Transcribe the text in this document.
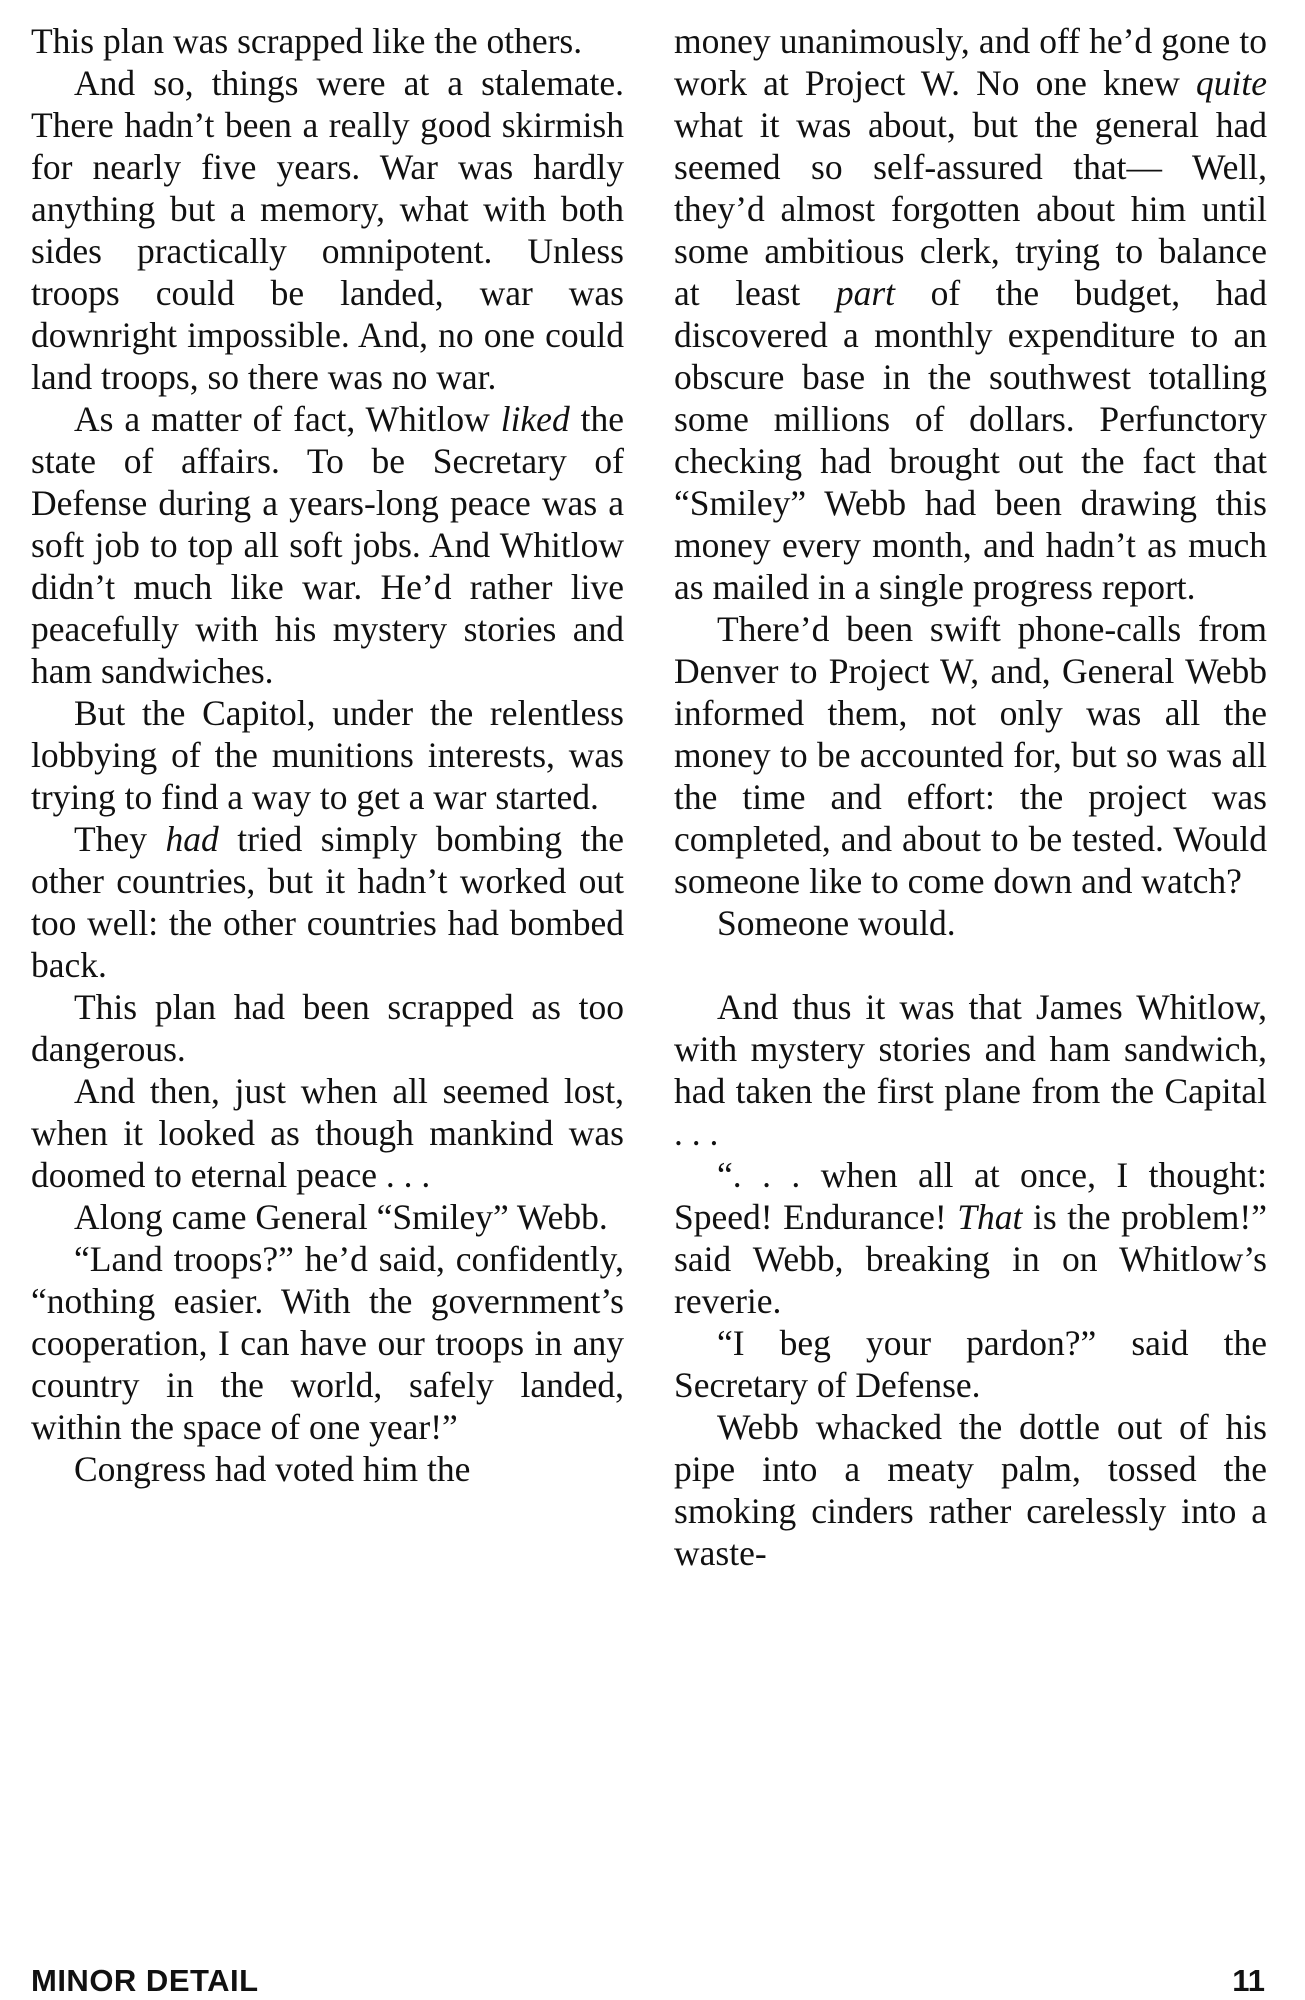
This plan was scrapped like the others.

And so, things were at a stalemate. There hadn’t been a really good skirmish for nearly five years. War was hardly anything but a memory, what with both sides practically omnipotent. Unless troops could be landed, war was downright impossible. And, no one could land troops, so there was no war.

As a matter of fact, Whitlow liked the state of affairs. To be Secretary of Defense during a years-long peace was a soft job to top all soft jobs. And Whitlow didn’t much like war. He’d rather live peacefully with his mystery stories and ham sandwiches.

But the Capitol, under the relentless lobbying of the munitions interests, was trying to find a way to get a war started.

They had tried simply bombing the other countries, but it hadn’t worked out too well: the other countries had bombed back.

This plan had been scrapped as too dangerous.

And then, just when all seemed lost, when it looked as though mankind was doomed to eternal peace . . .

Along came General “Smiley” Webb.

“Land troops?” he’d said, confidently, “nothing easier. With the government’s cooperation, I can have our troops in any country in the world, safely landed, within the space of one year!”

Congress had voted him the

money unanimously, and off he’d gone to work at Project W. No one knew quite what it was about, but the general had seemed so self-assured that— Well, they’d almost forgotten about him until some ambitious clerk, trying to balance at least part of the budget, had discovered a monthly expenditure to an obscure base in the southwest totalling some millions of dollars. Perfunctory checking had brought out the fact that “Smiley” Webb had been drawing this money every month, and hadn’t as much as mailed in a single progress report.

There’d been swift phone-calls from Denver to Project W, and, General Webb informed them, not only was all the money to be accounted for, but so was all the time and effort: the project was completed, and about to be tested. Would someone like to come down and watch?

Someone would.

And thus it was that James Whitlow, with mystery stories and ham sandwich, had taken the first plane from the Capital . . .

“. . . when all at once, I thought: Speed! Endurance! That is the problem!” said Webb, breaking in on Whitlow’s reverie.

“I beg your pardon?” said the Secretary of Defense.

Webb whacked the dottle out of his pipe into a meaty palm, tossed the smoking cinders rather carelessly into a waste-

MINOR DETAIL	11
